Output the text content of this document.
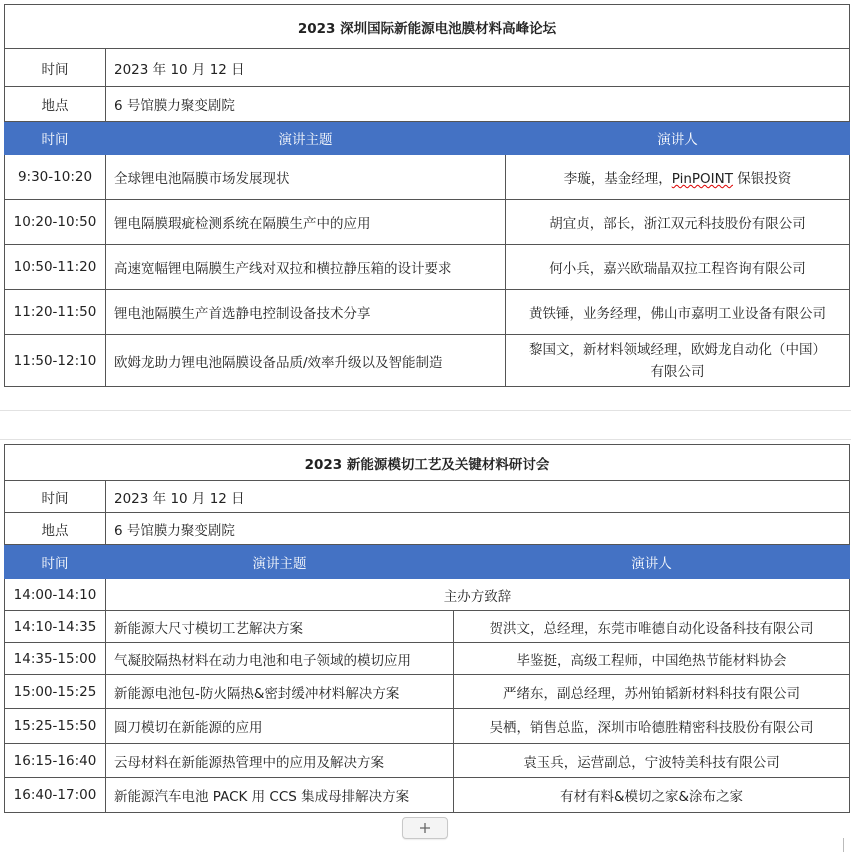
2023 深圳国际新能源电池膜材料高峰论坛		
时间	2023 年 10 月 12 日	
地点	6 号馆膜力聚变剧院	
时间	演讲主题	演讲人
9:30-10:20	全球锂电池隔膜市场发展现状	李璇，基金经理，PinPOINT 保银投资
10:20-10:50	锂电隔膜瑕疵检测系统在隔膜生产中的应用	胡宜贞，部长，浙江双元科技股份有限公司
10:50-11:20	高速宽幅锂电隔膜生产线对双拉和横拉静压箱的设计要求	何小兵，嘉兴欧瑞晶双拉工程咨询有限公司
11:20-11:50	锂电池隔膜生产首选静电控制设备技术分享	黄铁锤，业务经理，佛山市嘉明工业设备有限公司
11:50-12:10	欧姆龙助力锂电池隔膜设备品质/效率升级以及智能制造	黎国文，新材料领域经理，欧姆龙自动化（中国）
有限公司
2023 新能源模切工艺及关键材料研讨会		
时间	2023 年 10 月 12 日	
地点	6 号馆膜力聚变剧院	
时间	演讲主题	演讲人
14:00-14:10	主办方致辞	
14:10-14:35	新能源大尺寸模切工艺解决方案	贺洪文，总经理，东莞市唯德自动化设备科技有限公司
14:35-15:00	气凝胶隔热材料在动力电池和电子领域的模切应用	毕鉴挺，高级工程师，中国绝热节能材料协会
15:00-15:25	新能源电池包-防火隔热&密封缓冲材料解决方案	严绪东，副总经理，苏州铂韬新材料科技有限公司
15:25-15:50	圆刀模切在新能源的应用	吴栖，销售总监，深圳市哈德胜精密科技股份有限公司
16:15-16:40	云母材料在新能源热管理中的应用及解决方案	袁玉兵，运营副总，宁波特美科技有限公司
16:40-17:00	新能源汽车电池 PACK 用 CCS 集成母排解决方案	有材有料&模切之家&涂布之家
